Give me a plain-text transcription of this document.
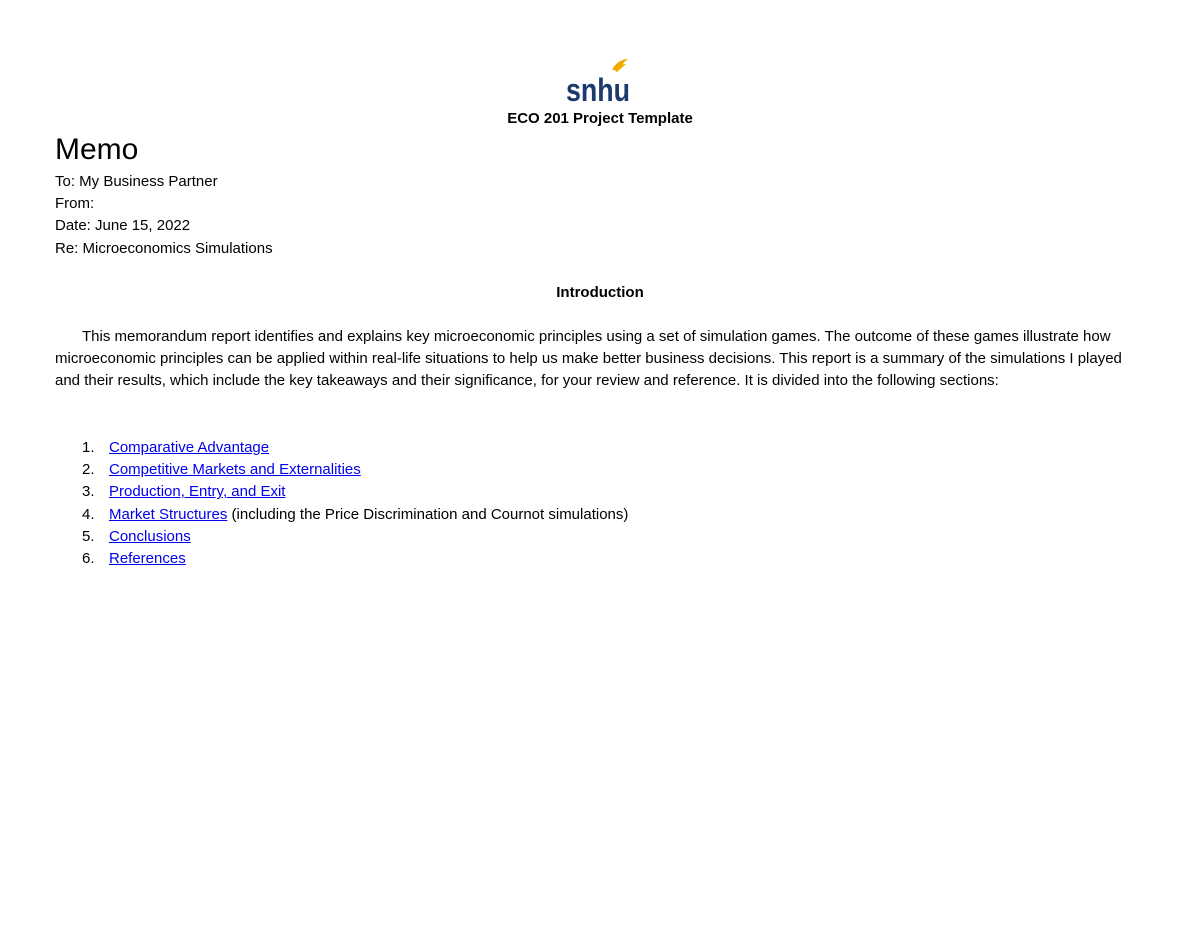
snhu
ECO 201 Project Template
Memo
To: My Business Partner
From:
Date: June 15, 2022
Re: Microeconomics Simulations
Introduction

This memorandum report identifies and explains key microeconomic principles using a set of simulation games. The outcome of these games illustrate how microeconomic principles can be applied within real-life situations to help us make better business decisions. This report is a summary of the simulations I played and their results, which include the key takeaways and their significance, for your review and reference. It is divided into the following sections:

1. Comparative Advantage
2. Competitive Markets and Externalities
3. Production, Entry, and Exit
4. Market Structures (including the Price Discrimination and Cournot simulations)
5. Conclusions
6. References
